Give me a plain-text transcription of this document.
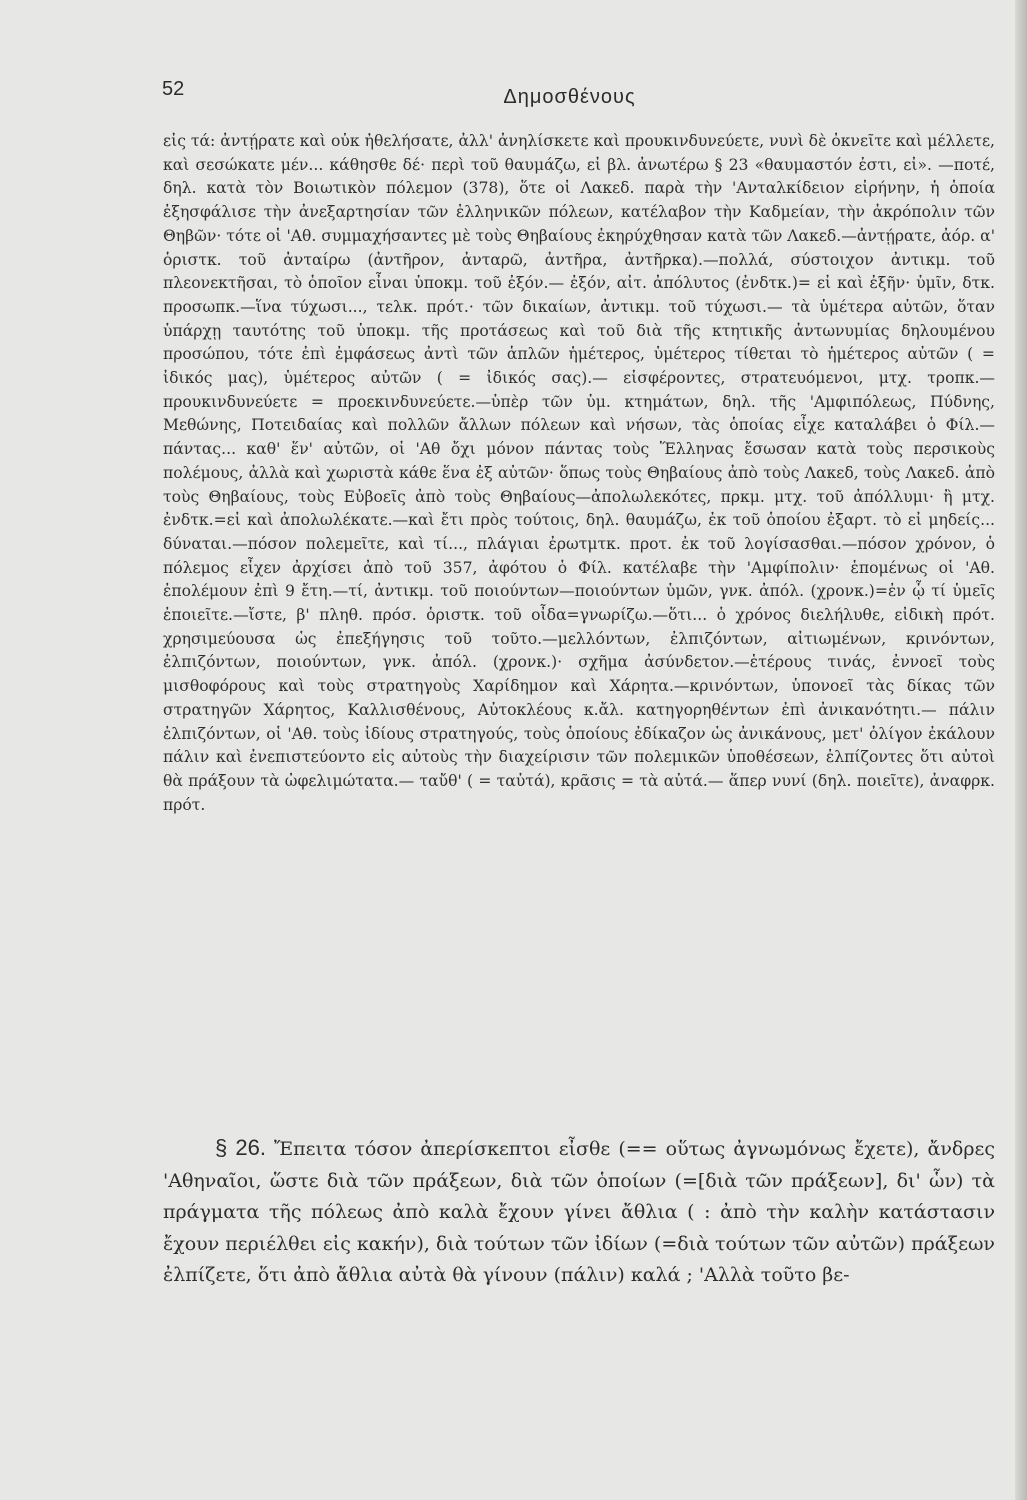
52	Δημοσθένους

εἰς τά: ἀντῄρατε καὶ οὐκ ἠθελήσατε, ἀλλ' ἀνηλίσκετε καὶ προυκινδυνεύετε, νυνὶ δὲ ὀκνεῖτε καὶ μέλλετε, καὶ σεσώκατε μέν... κάθησθε δέ· περὶ τοῦ θαυμάζω, εἰ βλ. ἀνωτέρω § 23 «θαυμαστόν ἐστι, εἰ». —ποτέ, δηλ. κατὰ τὸν Βοιωτικὸν πόλεμον (378), ὅτε οἱ Λακεδ. παρὰ τὴν 'Ανταλκίδειον εἰρήνην, ἡ ὁποία ἐξησφάλισε τὴν ἀνεξαρτησίαν τῶν ἑλληνικῶν πόλεων, κατέλαβον τὴν Καδμείαν, τὴν ἀκρόπολιν τῶν Θηβῶν· τότε οἱ 'Αθ. συμμαχήσαντες μὲ τοὺς Θηβαίους ἐκηρύχθησαν κατὰ τῶν Λακεδ.—ἀντῄρατε, ἀόρ. α' ὁριστκ. τοῦ ἀνταίρω (ἀντῆρον, ἀνταρῶ, ἀντῆρα, ἀντῆρκα).—πολλά, σύστοιχον ἀντικμ. τοῦ πλεονεκτῆσαι, τὸ ὁποῖον εἶναι ὑποκμ. τοῦ ἐξόν.— ἐξόν, αἰτ. ἀπόλυτος (ἐνδτκ.)= εἰ καὶ ἐξῆν· ὑμῖν, δτκ. προσωπκ.—ἵνα τύχωσι..., τελκ. πρότ.· τῶν δικαίων, ἀντικμ. τοῦ τύχωσι.— τὰ ὑμέτερα αὐτῶν, ὅταν ὑπάρχῃ ταυτότης τοῦ ὑποκμ. τῆς προτάσεως καὶ τοῦ διὰ τῆς κτητικῆς ἀντωνυμίας δηλουμένου προσώπου, τότε ἐπὶ ἐμφάσεως ἀντὶ τῶν ἁπλῶν ἡμέτερος, ὑμέτερος τίθεται τὸ ἡμέτερος αὐτῶν ( = ἰδικός μας), ὑμέτερος αὐτῶν ( = ἰδικός σας).— εἰσφέροντες, στρατευόμενοι, μτχ. τροπκ.—προυκινδυνεύετε = προεκινδυνεύετε.—ὑπὲρ τῶν ὑμ. κτημάτων, δηλ. τῆς 'Αμφιπόλεως, Πύδνης, Μεθώνης, Ποτειδαίας καὶ πολλῶν ἄλλων πόλεων καὶ νήσων, τὰς ὁποίας εἶχε καταλάβει ὁ Φίλ.—πάντας... καθ' ἕν' αὐτῶν, οἱ 'Αθ ὄχι μόνον πάντας τοὺς Ἕλληνας ἔσωσαν κατὰ τοὺς περσικοὺς πολέμους, ἀλλὰ καὶ χωριστὰ κάθε ἕνα ἐξ αὐτῶν· ὅπως τοὺς Θηβαίους ἀπὸ τοὺς Λακεδ, τοὺς Λακεδ. ἀπὸ τοὺς Θηβαίους, τοὺς Εὐβοεῖς ἀπὸ τοὺς Θηβαίους—ἀπολωλεκότες, πρκμ. μτχ. τοῦ ἀπόλλυμι· ἢ μτχ. ἐνδτκ.=εἰ καὶ ἀπολωλέκατε.—καὶ ἔτι πρὸς τούτοις, δηλ. θαυμάζω, ἐκ τοῦ ὁποίου ἐξαρτ. τὸ εἰ μηδείς... δύναται.—πόσον πολεμεῖτε, καὶ τί..., πλάγιαι ἐρωτμτκ. προτ. ἐκ τοῦ λογίσασθαι.—πόσον χρόνον, ὁ πόλεμος εἶχεν ἀρχίσει ἀπὸ τοῦ 357, ἀφότου ὁ Φίλ. κατέλαβε τὴν 'Αμφίπολιν· ἑπομένως οἱ 'Αθ. ἐπολέμουν ἐπὶ 9 ἔτη.—τί, ἀντικμ. τοῦ ποιούντων—ποιούντων ὑμῶν, γνκ. ἀπόλ. (χρονκ.)=ἐν ᾧ τί ὑμεῖς ἐποιεῖτε.—ἴστε, β' πληθ. πρόσ. ὁριστκ. τοῦ οἶδα=γνωρίζω.—ὅτι... ὁ χρόνος διελήλυθε, εἰδικὴ πρότ. χρησιμεύουσα ὡς ἐπεξήγησις τοῦ τοῦτο.—μελλόντων, ἐλπιζόντων, αἰτιωμένων, κρινόντων, ἐλπιζόντων, ποιούντων, γνκ. ἀπόλ. (χρονκ.)· σχῆμα ἀσύνδετον.—ἑτέρους τινάς, ἐννοεῖ τοὺς μισθοφόρους καὶ τοὺς στρατηγοὺς Χαρίδημον καὶ Χάρητα.—κρινόντων, ὑπονοεῖ τὰς δίκας τῶν στρατηγῶν Χάρητος, Καλλισθένους, Αὐτοκλέους κ.ἄλ. κατηγορηθέντων ἐπὶ ἀνικανότητι.— πάλιν ἐλπιζόντων, οἱ 'Αθ. τοὺς ἰδίους στρατηγούς, τοὺς ὁποίους ἐδίκαζον ὡς ἀνικάνους, μετ' ὀλίγον ἐκάλουν πάλιν καὶ ἐνεπιστεύοντο εἰς αὐτοὺς τὴν διαχείρισιν τῶν πολεμικῶν ὑποθέσεων, ἐλπίζοντες ὅτι αὐτοὶ θὰ πράξουν τὰ ὠφελιμώτατα.— ταὔθ' ( = ταὐτά), κρᾶσις = τὰ αὐτά.— ἅπερ νυνί (δηλ. ποιεῖτε), ἀναφρκ. πρότ.

§ 26. Ἔπειτα τόσον ἀπερίσκεπτοι εἶσθε (== οὕτως ἀγνωμόνως ἔχετε), ἄνδρες 'Αθηναῖοι, ὥστε διὰ τῶν πράξεων, διὰ τῶν ὁποίων (=[διὰ τῶν πράξεων], δι' ὧν) τὰ πράγματα τῆς πόλεως ἀπὸ καλὰ ἔχουν γίνει ἄθλια ( : ἀπὸ τὴν καλὴν κατάστασιν ἔχουν περιέλθει εἰς κακήν), διὰ τούτων τῶν ἰδίων (=διὰ τούτων τῶν αὐτῶν) πράξεων ἐλπίζετε, ὅτι ἀπὸ ἄθλια αὐτὰ θὰ γίνουν (πάλιν) καλά ; 'Αλλὰ τοῦτο βε-
